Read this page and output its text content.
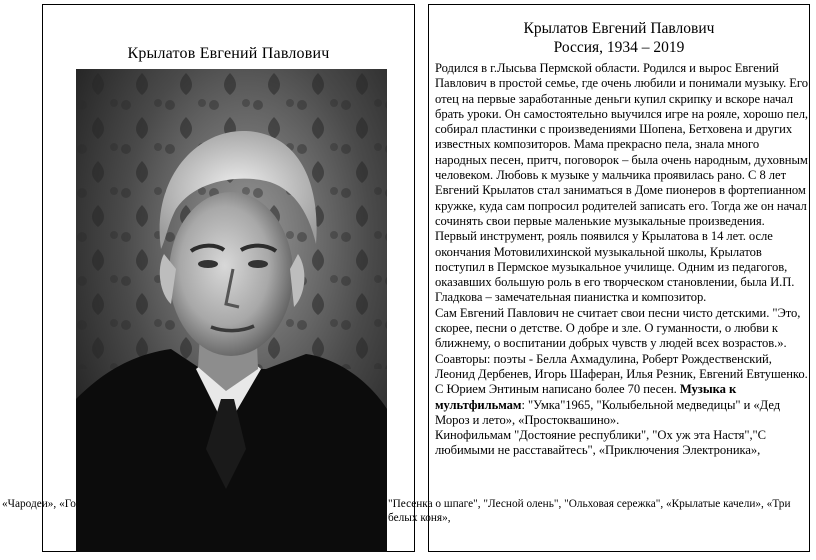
Крылатов Евгений Павлович
Крылатов Евгений Павлович
Россия, 1934 – 2019

Родился в г.Лысьва Пермской области. Родился и вырос Евгений Павлович в простой семье, где очень любили и понимали музыку. Его отец на первые заработанные деньги купил скрипку и вскоре начал брать уроки. Он самостоятельно выучился игре на рояле, хорошо пел, собирал пластинки с произведениями Шопена, Бетховена и других известных композиторов. Мама прекрасно пела, знала много народных песен, притч, поговорок – была очень народным, духовным человеком. Любовь к музыке у мальчика проявилась рано. С 8 лет Евгений Крылатов стал заниматься в Доме пионеров в фортепианном кружке, куда сам попросил родителей записать его. Тогда же он начал сочинять свои первые маленькие музыкальные произведения. Первый инструмент, рояль появился у Крылатова в 14 лет. осле окончания Мотовилихинской музыкальной школы, Крылатов поступил в Пермское музыкальное училище. Одним из педагогов, оказавших большую роль в его творческом становлении, была И.П. Гладкова – замечательная пианистка и композитор.

Сам Евгений Павлович не считает свои песни чисто детскими. "Это, скорее, песни о детстве. О добре и зле. О гуманности, о любви к ближнему, о воспитании добрых чувств у людей всех возрастов.». Соавторы: поэты - Белла Ахмадулина, Роберт Рождественский, Леонид Дербенев, Игорь Шаферан, Илья Резник, Евгений Евтушенко. С Юрием Энтиным написано более 70 песен. Музыка к мультфильмам: "Умка"1965, "Колыбельной медведицы" и «Дед Мороз и лето», «Простоквашино».

Кинофильмам "Достояние республики", "Ох уж эта Настя","С любимыми не расставайтесь", «Приключения Электроника»,

«Чародеи», «Го	"Песенка о шпаге", "Лесной олень", "Ольховая сережка", «Крылатые качели», «Три белых коня»,
